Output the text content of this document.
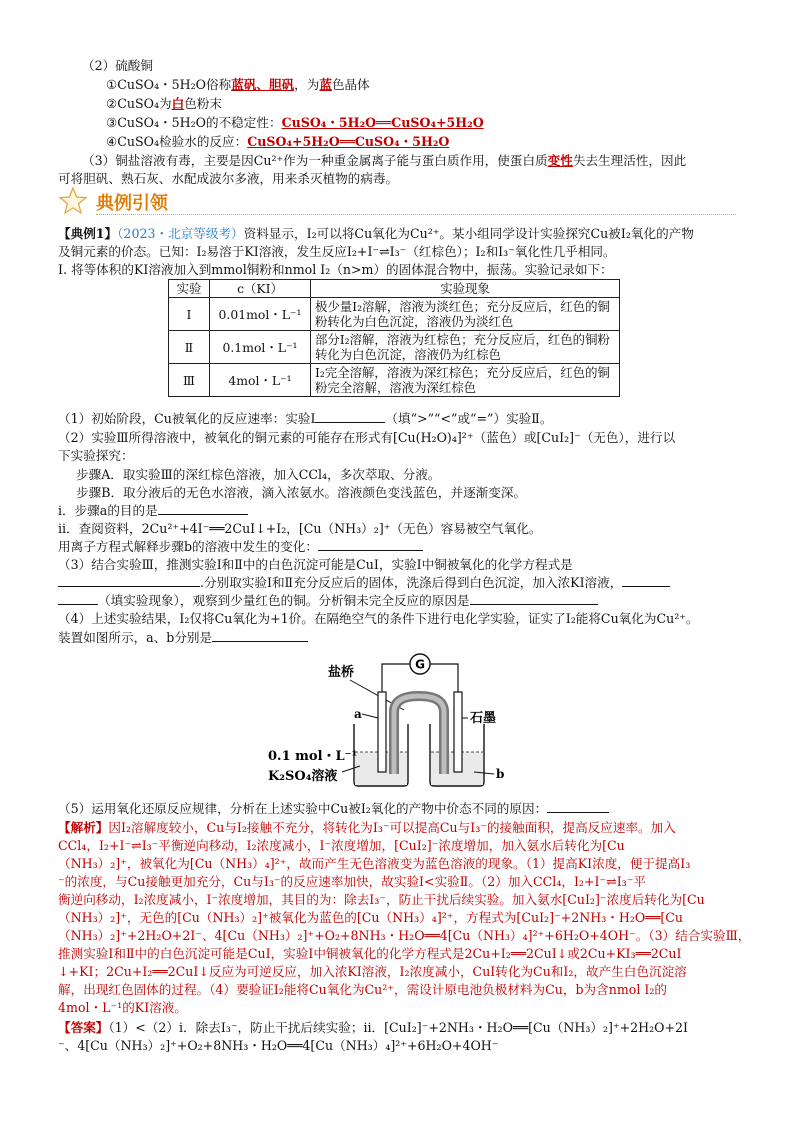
（2）硫酸铜
①CuSO₄・5H₂O俗称蓝矾、胆矾，为蓝色晶体
②CuSO₄为白色粉末
③CuSO₄・5H₂O的不稳定性：CuSO₄・5H₂O══CuSO₄+5H₂O
④CuSO₄检验水的反应：CuSO₄+5H₂O══CuSO₄・5H₂O
（3）铜盐溶液有毒，主要是因Cu²⁺作为一种重金属离子能与蛋白质作用，使蛋白质变性失去生理活性，因此
可将胆矾、熟石灰、水配成波尔多液，用来杀灭植物的病毒。
典例引领
【典例1】（2023・北京等级考）资料显示，I₂可以将Cu氧化为Cu²⁺。某小组同学设计实验探究Cu被I₂氧化的产物
及铜元素的价态。已知：I₂易溶于KI溶液，发生反应I₂+I⁻⇌I₃⁻（红棕色）；I₂和I₃⁻氧化性几乎相同。
Ⅰ. 将等体积的KI溶液加入到mmol铜粉和nmol I₂（n>m）的固体混合物中，振荡。实验记录如下：
实验	c（KI）	实验现象
Ⅰ	0.01mol・L⁻¹	极少量I₂溶解，溶液为淡红色；充分反应后，红色的铜粉转化为白色沉淀，溶液仍为淡红色
Ⅱ	0.1mol・L⁻¹	部分I₂溶解，溶液为红棕色；充分反应后，红色的铜粉转化为白色沉淀，溶液仍为红棕色
Ⅲ	4mol・L⁻¹	I₂完全溶解，溶液为深红棕色；充分反应后，红色的铜粉完全溶解，溶液为深红棕色
（1）初始阶段，Cu被氧化的反应速率：实验Ⅰ	（填“>”“<”或“=”）实验Ⅱ。
（2）实验Ⅲ所得溶液中，被氧化的铜元素的可能存在形式有[Cu(H₂O)₄]²⁺（蓝色）或[CuI₂]⁻（无色），进行以
下实验探究：
步骤A．取实验Ⅲ的深红棕色溶液，加入CCl₄，多次萃取、分液。
步骤B．取分液后的无色水溶液，滴入浓氨水。溶液颜色变浅蓝色，并逐渐变深。
ⅰ．步骤a的目的是
ⅱ．查阅资料，2Cu²⁺+4I⁻══2CuI↓+I₂，[Cu（NH₃）₂]⁺（无色）容易被空气氧化。
用离子方程式解释步骤b的溶液中发生的变化：
（3）结合实验Ⅲ，推测实验Ⅰ和Ⅱ中的白色沉淀可能是CuI，实验Ⅰ中铜被氧化的化学方程式是
.分别取实验Ⅰ和Ⅱ充分反应后的固体，洗涤后得到白色沉淀，加入浓KI溶液，
（填实验现象），观察到少量红色的铜。分析铜未完全反应的原因是
（4）上述实验结果，I₂仅将Cu氧化为+1价。在隔绝空气的条件下进行电化学实验，证实了I₂能将Cu氧化为Cu²⁺。
装置如图所示，a、b分别是
G
盐桥
a	石墨
b
0.1 mol・L⁻¹
K₂SO₄溶液
（5）运用氧化还原反应规律，分析在上述实验中Cu被I₂氧化的产物中价态不同的原因：
【解析】因I₂溶解度较小，Cu与I₂接触不充分，将转化为I₃⁻可以提高Cu与I₃⁻的接触面积，提高反应速率。加入
CCl₄，I₂+I⁻⇌I₃⁻平衡逆向移动，I₂浓度减小，I⁻浓度增加，[CuI₂]⁻浓度增加，加入氨水后转化为[Cu
（NH₃）₂]⁺，被氧化为[Cu（NH₃）₄]²⁺，故而产生无色溶液变为蓝色溶液的现象。（1）提高KI浓度，便于提高I₃
⁻的浓度，与Cu接触更加充分，Cu与I₃⁻的反应速率加快，故实验Ⅰ<实验Ⅱ。（2）加入CCl₄，I₂+I⁻⇌I₃⁻平
衡逆向移动，I₂浓度减小，I⁻浓度增加，其目的为：除去I₃⁻，防止干扰后续实验。加入氨水[CuI₂]⁻浓度后转化为[Cu
（NH₃）₂]⁺，无色的[Cu（NH₃）₂]⁺被氧化为蓝色的[Cu（NH₃）₄]²⁺，方程式为[CuI₂]⁻+2NH₃・H₂O══[Cu
（NH₃）₂]⁺+2H₂O+2I⁻、4[Cu（NH₃）₂]⁺+O₂+8NH₃・H₂O══4[Cu（NH₃）₄]²⁺+6H₂O+4OH⁻。（3）结合实验Ⅲ，
推测实验Ⅰ和Ⅱ中的白色沉淀可能是CuI，实验Ⅰ中铜被氧化的化学方程式是2Cu+I₂══2CuI↓或2Cu+KI₃══2CuI
↓+KI；2Cu+I₂══2CuI↓反应为可逆反应，加入浓KI溶液，I₂浓度减小，CuI转化为Cu和I₂，故产生白色沉淀溶
解，出现红色固体的过程。（4）要验证I₂能将Cu氧化为Cu²⁺，需设计原电池负极材料为Cu，b为含nmol I₂的
4mol・L⁻¹的KI溶液。
【答案】（1）<（2）ⅰ．除去I₃⁻，防止干扰后续实验；ⅱ．[CuI₂]⁻+2NH₃・H₂O══[Cu（NH₃）₂]⁺+2H₂O+2I
⁻、4[Cu（NH₃）₂]⁺+O₂+8NH₃・H₂O══4[Cu（NH₃）₄]²⁺+6H₂O+4OH⁻
